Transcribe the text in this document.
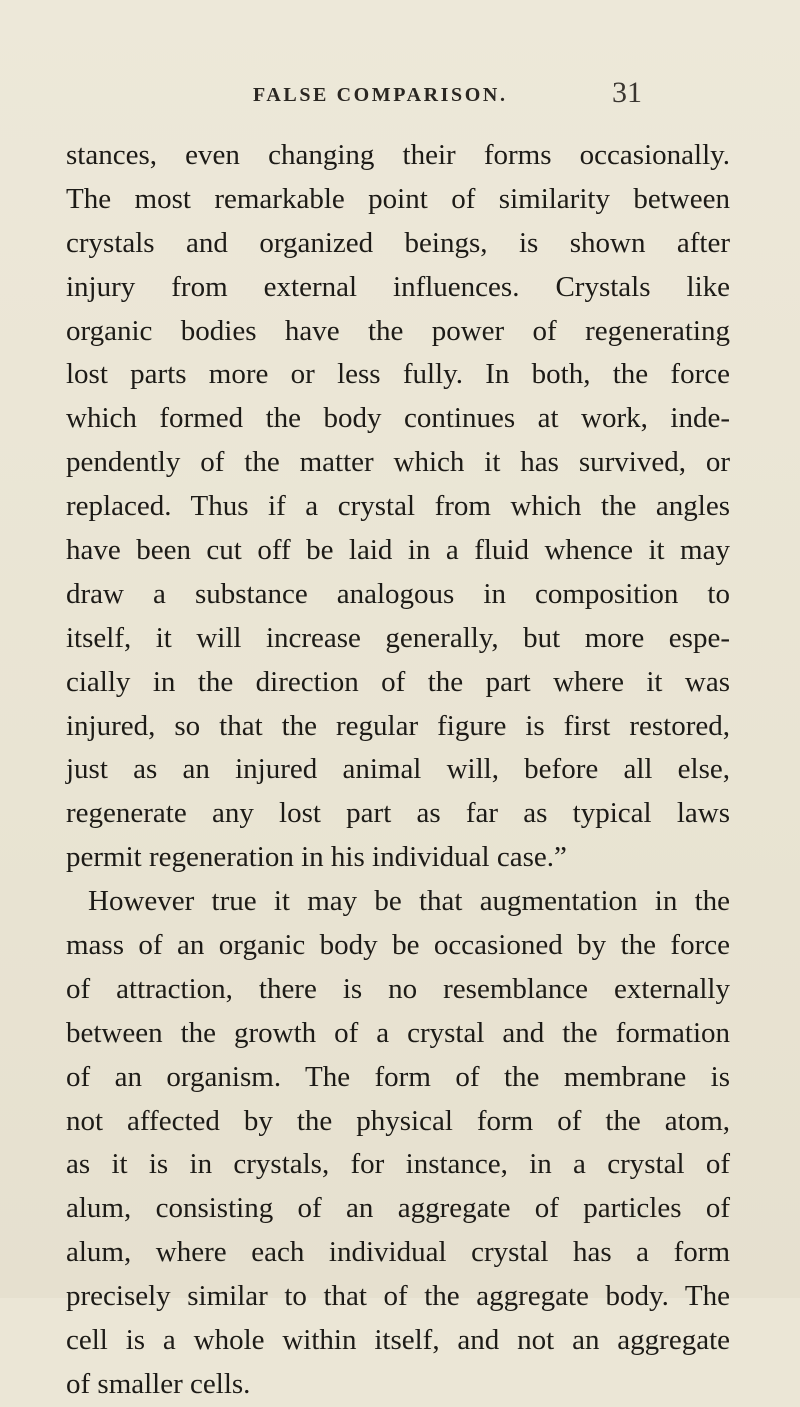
FALSE COMPARISON.	31
stances, even changing their forms occasionally.
The most remarkable point of similarity between
crystals and organized beings, is shown after
injury from external influences. Crystals like
organic bodies have the power of regenerating
lost parts more or less fully. In both, the force
which formed the body continues at work, inde-
pendently of the matter which it has survived, or
replaced. Thus if a crystal from which the angles
have been cut off be laid in a fluid whence it may
draw a substance analogous in composition to
itself, it will increase generally, but more espe-
cially in the direction of the part where it was
injured, so that the regular figure is first restored,
just as an injured animal will, before all else,
regenerate any lost part as far as typical laws
permit regeneration in his individual case.”
However true it may be that augmentation in the
mass of an organic body be occasioned by the force
of attraction, there is no resemblance externally
between the growth of a crystal and the formation
of an organism. The form of the membrane is
not affected by the physical form of the atom,
as it is in crystals, for instance, in a crystal of
alum, consisting of an aggregate of particles of
alum, where each individual crystal has a form
precisely similar to that of the aggregate body. The
cell is a whole within itself, and not an aggregate
of smaller cells.
